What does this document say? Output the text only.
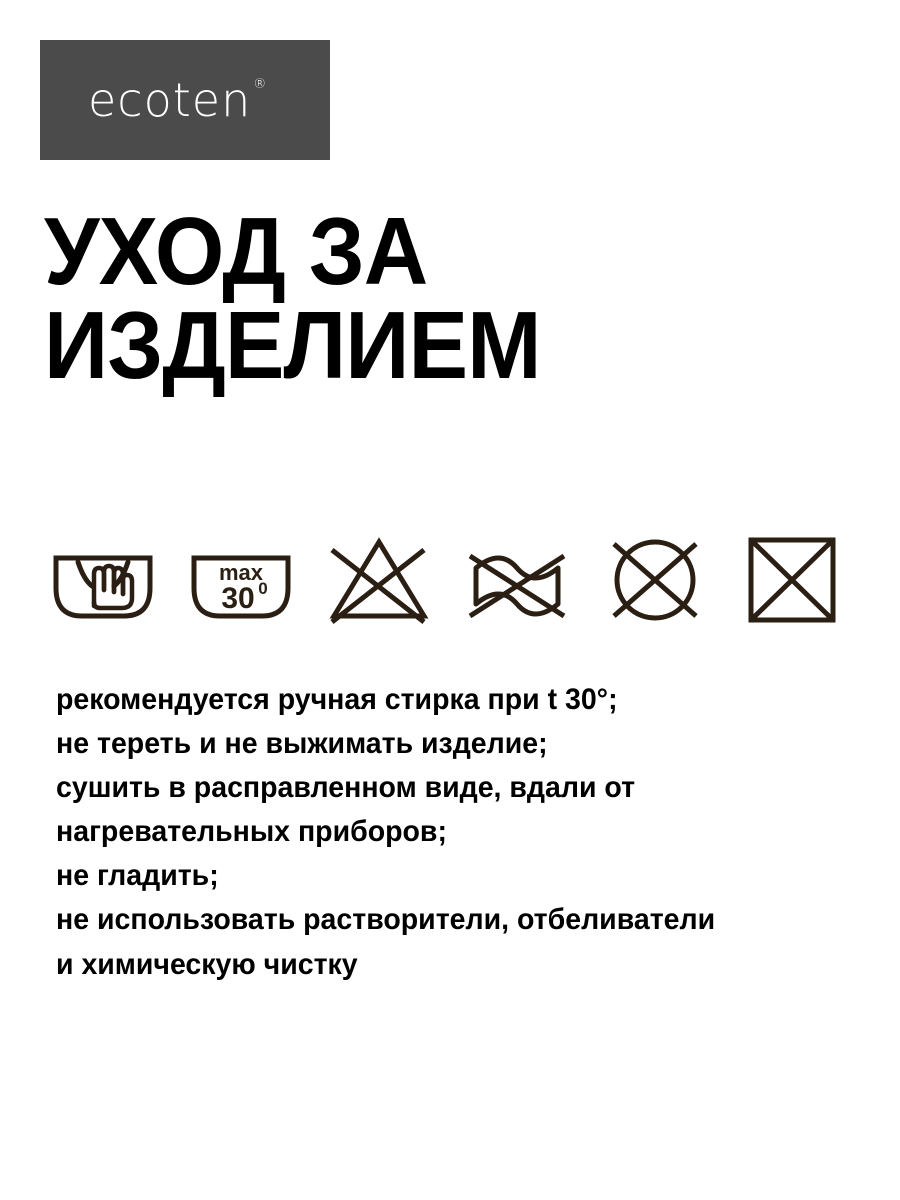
ecoten ®
УХОД ЗА
ИЗДЕЛИЕМ
max
30 0
рекомендуется ручная стирка при t 30°;
не тереть и не выжимать изделие;
сушить в расправленном виде, вдали от
нагревательных приборов;
не гладить;
не использовать растворители, отбеливатели
и химическую чистку
